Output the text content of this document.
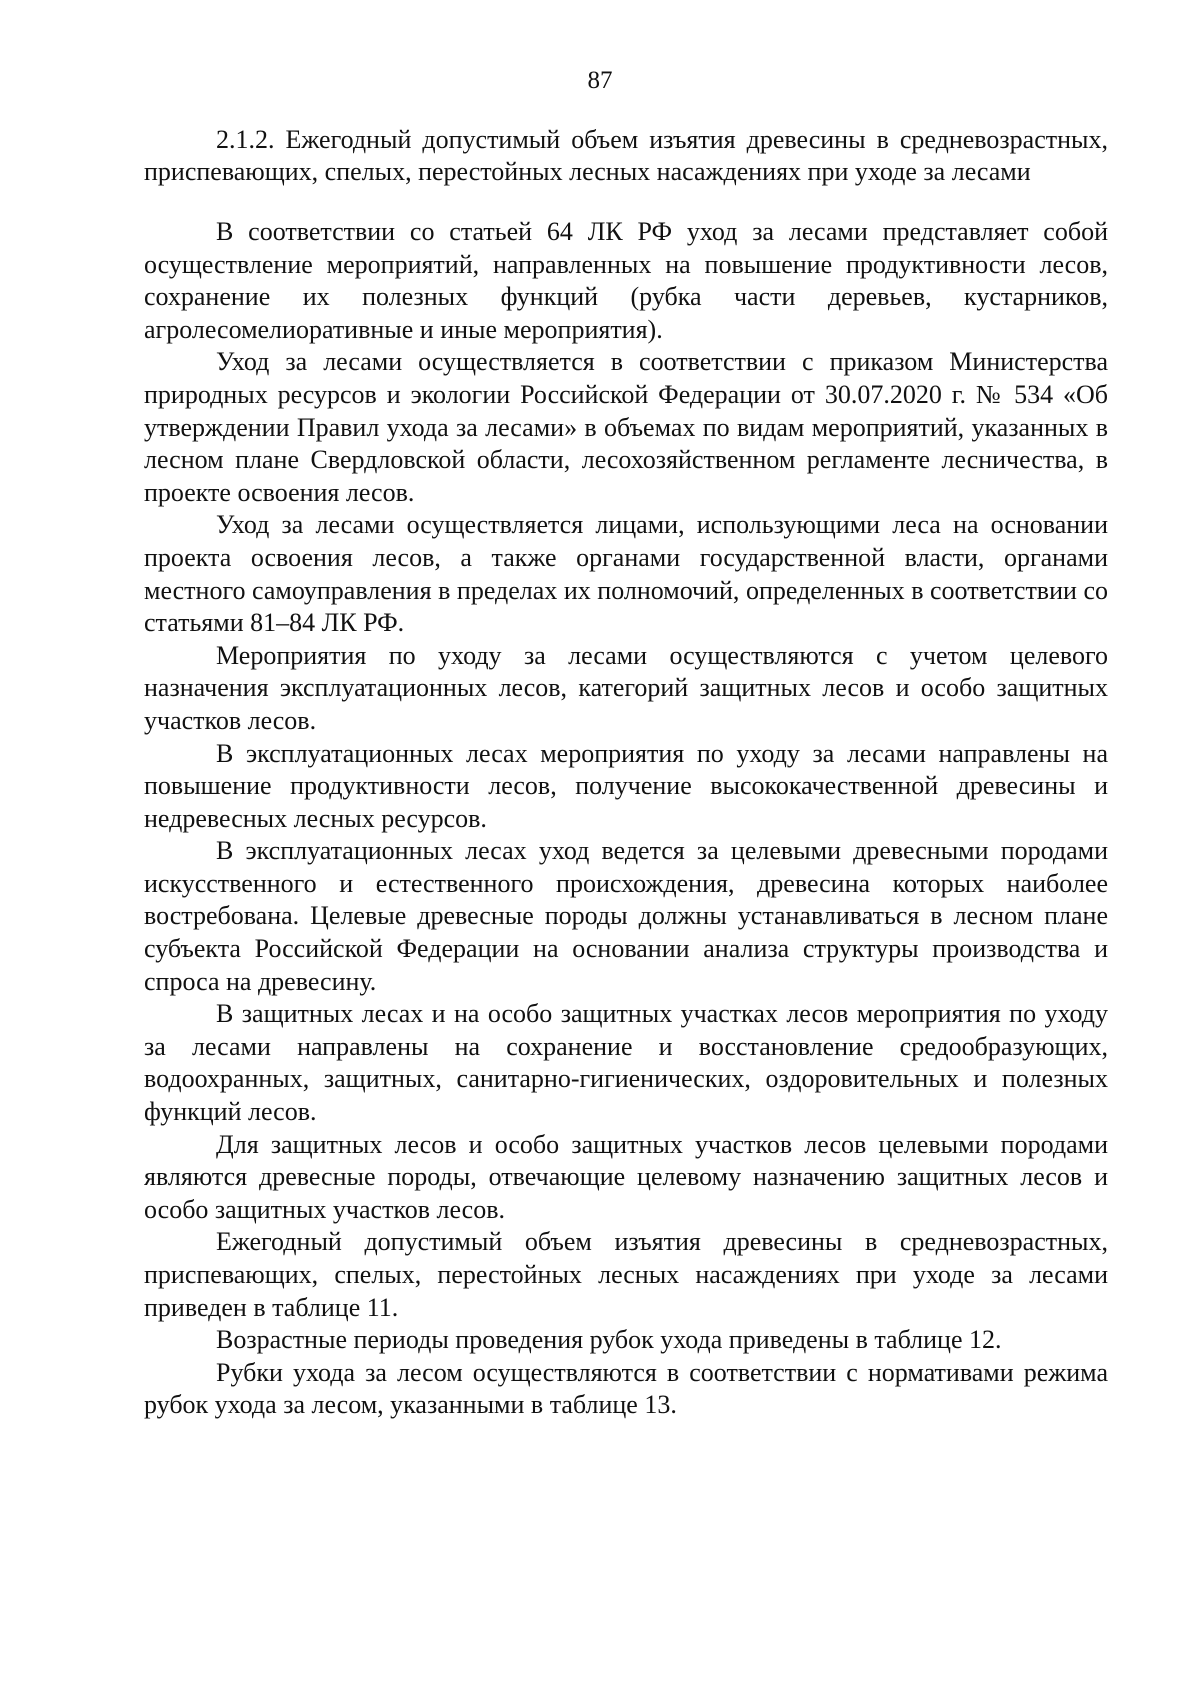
87
2.1.2. Ежегодный допустимый объем изъятия древесины в средневозрастных, приспевающих, спелых, перестойных лесных насаждениях при уходе за лесами

В соответствии со статьей 64 ЛК РФ уход за лесами представляет собой осуществление мероприятий, направленных на повышение продуктивности лесов, сохранение их полезных функций (рубка части деревьев, кустарников, агролесомелиоративные и иные мероприятия).

Уход за лесами осуществляется в соответствии с приказом Министерства природных ресурсов и экологии Российской Федерации от 30.07.2020 г. № 534 «Об утверждении Правил ухода за лесами» в объемах по видам мероприятий, указанных в лесном плане Свердловской области, лесохозяйственном регламенте лесничества, в проекте освоения лесов.

Уход за лесами осуществляется лицами, использующими леса на основании проекта освоения лесов, а также органами государственной власти, органами местного самоуправления в пределах их полномочий, определенных в соответствии со статьями 81–84 ЛК РФ.

Мероприятия по уходу за лесами осуществляются с учетом целевого назначения эксплуатационных лесов, категорий защитных лесов и особо защитных участков лесов.

В эксплуатационных лесах мероприятия по уходу за лесами направлены на повышение продуктивности лесов, получение высококачественной древесины и недревесных лесных ресурсов.

В эксплуатационных лесах уход ведется за целевыми древесными породами искусственного и естественного происхождения, древесина которых наиболее востребована. Целевые древесные породы должны устанавливаться в лесном плане субъекта Российской Федерации на основании анализа структуры производства и спроса на древесину.

В защитных лесах и на особо защитных участках лесов мероприятия по уходу за лесами направлены на сохранение и восстановление средообразующих, водоохранных, защитных, санитарно-гигиенических, оздоровительных и полезных функций лесов.

Для защитных лесов и особо защитных участков лесов целевыми породами являются древесные породы, отвечающие целевому назначению защитных лесов и особо защитных участков лесов.

Ежегодный допустимый объем изъятия древесины в средневозрастных, приспевающих, спелых, перестойных лесных насаждениях при уходе за лесами приведен в таблице 11.

Возрастные периоды проведения рубок ухода приведены в таблице 12.

Рубки ухода за лесом осуществляются в соответствии с нормативами режима рубок ухода за лесом, указанными в таблице 13.
